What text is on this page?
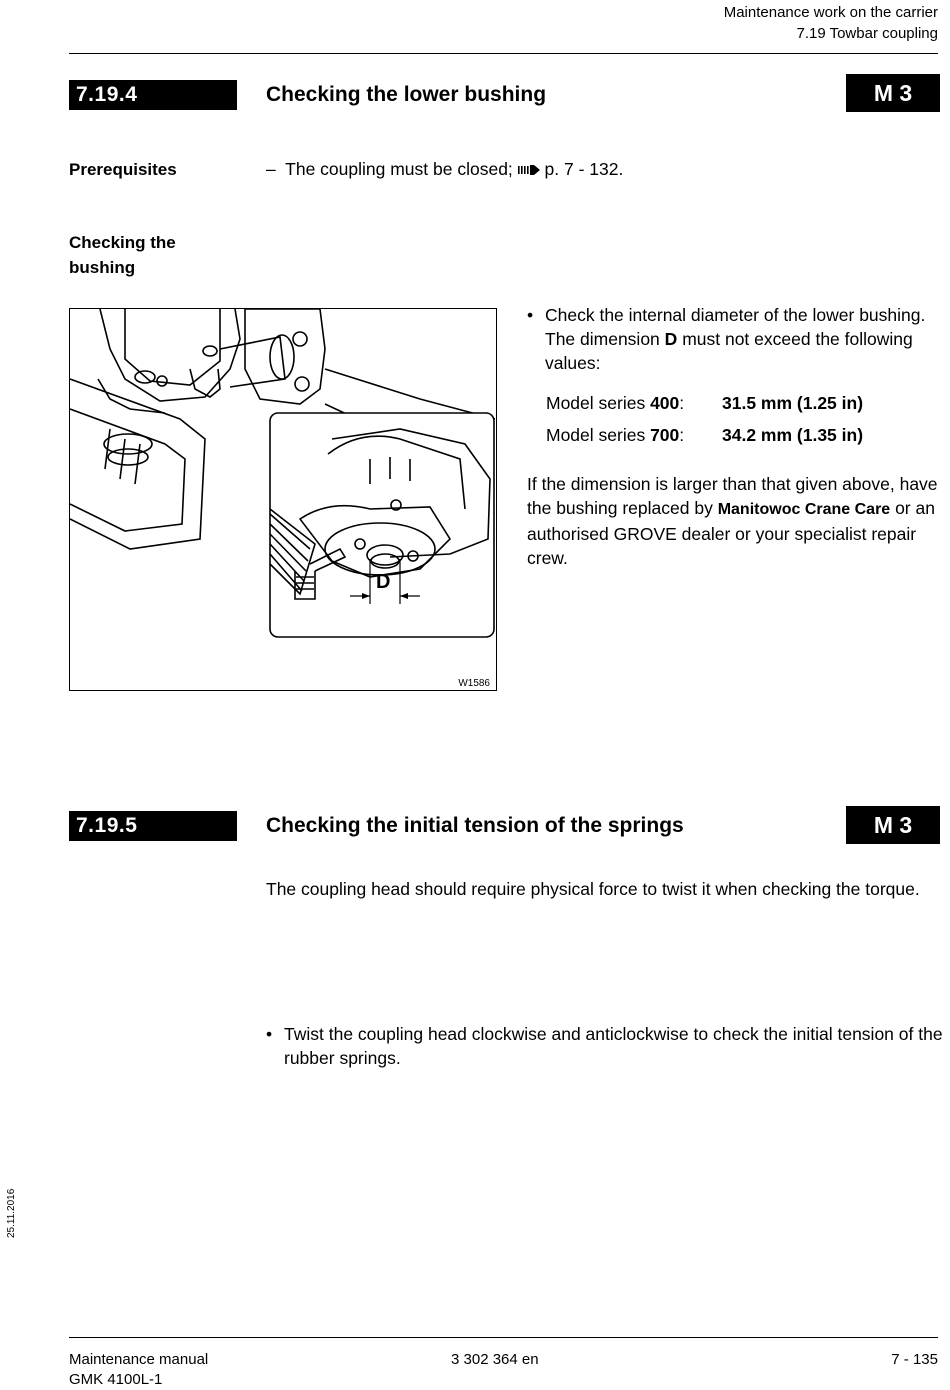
Maintenance work on the carrier
7.19 Towbar coupling
7.19.4	Checking the lower bushing	M 3
Prerequisites	– The coupling must be closed; p. 7 - 132.
Checking the
bushing
D
W1586
• Check the internal diameter of the lower bushing. The dimension D must not exceed the following values:
Model series 400:	31.5 mm (1.25 in)
Model series 700:	34.2 mm (1.35 in)
If the dimension is larger than that given above, have the bushing replaced by Manitowoc Crane Care or an authorised GROVE dealer or your specialist repair crew.
7.19.5	Checking the initial tension of the springs	M 3
The coupling head should require physical force to twist it when checking the torque.
• Twist the coupling head clockwise and anticlockwise to check the initial tension of the rubber springs.
25.11.2016
Maintenance manual
GMK 4100L-1
3 302 364 en	7 - 135
